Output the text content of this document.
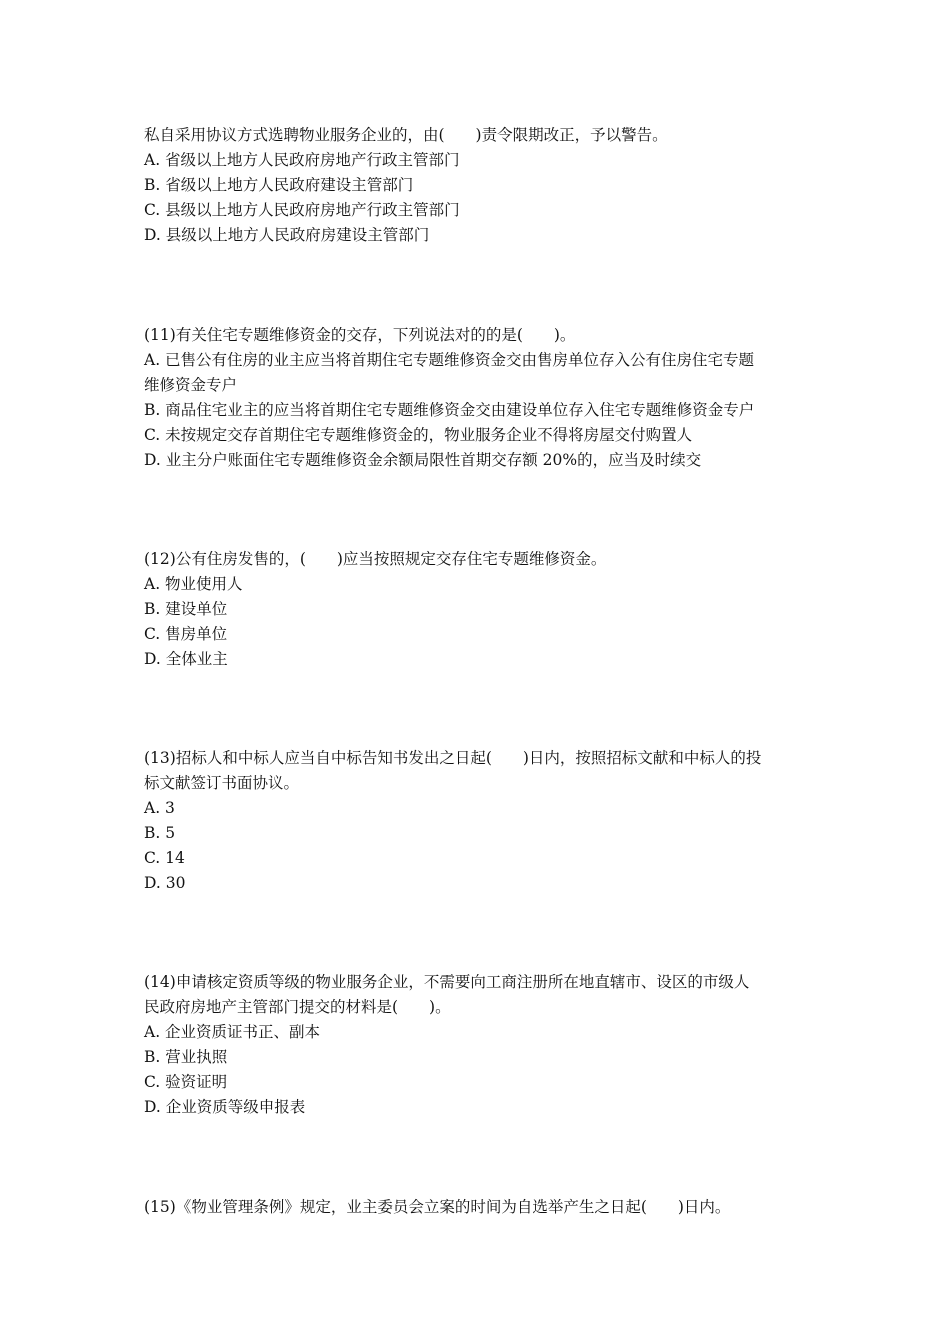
私自采用协议方式选聘物业服务企业的，由(　　)责令限期改正，予以警告。
A. 省级以上地方人民政府房地产行政主管部门
B. 省级以上地方人民政府建设主管部门
C. 县级以上地方人民政府房地产行政主管部门
D. 县级以上地方人民政府房建设主管部门
(11)有关住宅专题维修资金的交存，下列说法对的的是(　　)。
A. 已售公有住房的业主应当将首期住宅专题维修资金交由售房单位存入公有住房住宅专题
维修资金专户
B. 商品住宅业主的应当将首期住宅专题维修资金交由建设单位存入住宅专题维修资金专户
C. 未按规定交存首期住宅专题维修资金的，物业服务企业不得将房屋交付购置人
D. 业主分户账面住宅专题维修资金余额局限性首期交存额 20%的，应当及时续交
(12)公有住房发售的，(　　)应当按照规定交存住宅专题维修资金。
A. 物业使用人
B. 建设单位
C. 售房单位
D. 全体业主
(13)招标人和中标人应当自中标告知书发出之日起(　　)日内，按照招标文献和中标人的投
标文献签订书面协议。
A. 3
B. 5
C. 14
D. 30
(14)申请核定资质等级的物业服务企业，不需要向工商注册所在地直辖市、设区的市级人
民政府房地产主管部门提交的材料是(　　)。
A. 企业资质证书正、副本
B. 营业执照
C. 验资证明
D. 企业资质等级申报表
(15)《物业管理条例》规定，业主委员会立案的时间为自选举产生之日起(　　)日内。
